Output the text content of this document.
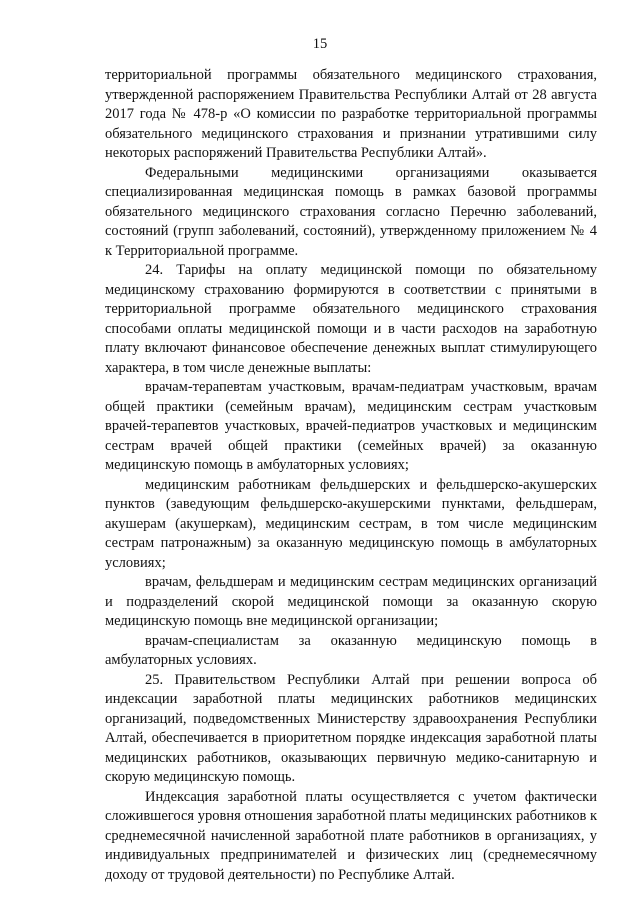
15

территориальной программы обязательного медицинского страхования, утвержденной распоряжением Правительства Республики Алтай от 28 августа 2017 года № 478-р «О комиссии по разработке территориальной программы обязательного медицинского страхования и признании утратившими силу некоторых распоряжений Правительства Республики Алтай».

Федеральными медицинскими организациями оказывается специализированная медицинская помощь в рамках базовой программы обязательного медицинского страхования согласно Перечню заболеваний, состояний (групп заболеваний, состояний), утвержденному приложением № 4 к Территориальной программе.

24. Тарифы на оплату медицинской помощи по обязательному медицинскому страхованию формируются в соответствии с принятыми в территориальной программе обязательного медицинского страхования способами оплаты медицинской помощи и в части расходов на заработную плату включают финансовое обеспечение денежных выплат стимулирующего характера, в том числе денежные выплаты:

врачам-терапевтам участковым, врачам-педиатрам участковым, врачам общей практики (семейным врачам), медицинским сестрам участковым врачей-терапевтов участковых, врачей-педиатров участковых и медицинским сестрам врачей общей практики (семейных врачей) за оказанную медицинскую помощь в амбулаторных условиях;

медицинским работникам фельдшерских и фельдшерско-акушерских пунктов (заведующим фельдшерско-акушерскими пунктами, фельдшерам, акушерам (акушеркам), медицинским сестрам, в том числе медицинским сестрам патронажным) за оказанную медицинскую помощь в амбулаторных условиях;

врачам, фельдшерам и медицинским сестрам медицинских организаций и подразделений скорой медицинской помощи за оказанную скорую медицинскую помощь вне медицинской организации;

врачам-специалистам за оказанную медицинскую помощь в амбулаторных условиях.

25. Правительством Республики Алтай при решении вопроса об индексации заработной платы медицинских работников медицинских организаций, подведомственных Министерству здравоохранения Республики Алтай, обеспечивается в приоритетном порядке индексация заработной платы медицинских работников, оказывающих первичную медико-санитарную и скорую медицинскую помощь.

Индексация заработной платы осуществляется с учетом фактически сложившегося уровня отношения заработной платы медицинских работников к среднемесячной начисленной заработной плате работников в организациях, у индивидуальных предпринимателей и физических лиц (среднемесячному доходу от трудовой деятельности) по Республике Алтай.
